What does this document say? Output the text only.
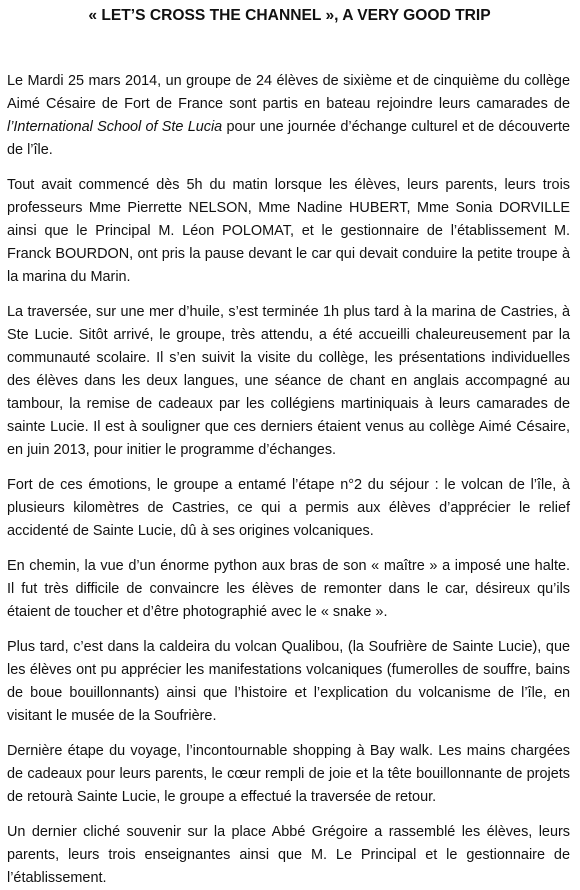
« LET’S CROSS THE CHANNEL », A VERY GOOD TRIP

Le Mardi 25 mars 2014, un groupe de 24 élèves de sixième et de cinquième du collège Aimé Césaire de Fort de France sont partis en bateau rejoindre leurs camarades de l’International School of Ste Lucia pour une journée d’échange culturel et de découverte de l’île.

Tout avait commencé dès 5h du matin lorsque les élèves, leurs parents, leurs trois professeurs Mme Pierrette NELSON, Mme Nadine HUBERT, Mme Sonia DORVILLE ainsi que le Principal M. Léon POLOMAT, et le gestionnaire de l’établissement M. Franck BOURDON, ont pris la pause devant le car qui devait conduire la petite troupe à la marina du Marin.

La traversée, sur une mer d’huile, s’est terminée 1h plus tard à la marina de Castries, à Ste Lucie. Sitôt arrivé, le groupe, très attendu, a été accueilli chaleureusement par la communauté scolaire. Il s’en suivit la visite du collège, les présentations individuelles des élèves dans les deux langues, une séance de chant en anglais accompagné au tambour, la remise de cadeaux par les collégiens martiniquais à leurs camarades de sainte Lucie. Il est à souligner que ces derniers étaient venus au collège Aimé Césaire, en juin 2013, pour initier le programme d’échanges.

Fort de ces émotions, le groupe a entamé l’étape n°2 du séjour : le volcan de l’île, à plusieurs kilomètres de Castries, ce qui a permis aux élèves d’apprécier le relief accidenté de Sainte Lucie, dû à ses origines volcaniques.

En chemin, la vue d’un énorme python aux bras de son « maître » a imposé une halte. Il fut très difficile de convaincre les élèves de remonter dans le car, désireux qu’ils étaient de toucher et d’être photographié avec le « snake ».

Plus tard, c’est dans la caldeira du volcan Qualibou, (la Soufrière de Sainte Lucie), que les élèves ont pu apprécier les manifestations volcaniques (fumerolles de souffre, bains de boue bouillonnants) ainsi que l’histoire et l’explication du volcanisme de l’île, en visitant le musée de la Soufrière.

Dernière étape du voyage, l’incontournable shopping à Bay walk. Les mains chargées de cadeaux pour leurs parents, le cœur rempli de joie et la tête bouillonnante de projets de retourà Sainte Lucie, le groupe a effectué la traversée de retour.

Un dernier cliché souvenir sur la place Abbé Grégoire a rassemblé les élèves, leurs parents, leurs trois enseignantes ainsi que M. Le Principal et le gestionnaire de l’établissement.
